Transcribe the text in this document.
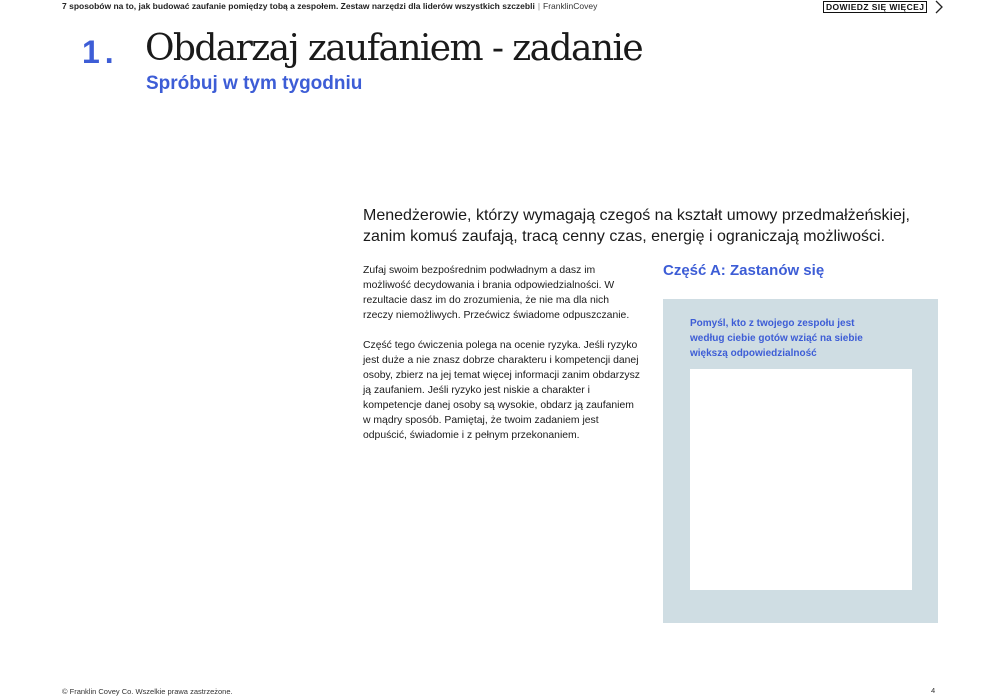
7 sposobów na to, jak budować zaufanie pomiędzy tobą a zespołem. Zestaw narzędzi dla liderów wszystkich szczebli | FranklinCovey	DOWIEDZ SIĘ WIĘCEJ
1. Obdarzaj zaufaniem - zadanie
Spróbuj w tym tygodniu
Menedżerowie, którzy wymagają czegoś na kształt umowy przedmałżeńskiej, zanim komuś zaufają, tracą cenny czas, energię i ograniczają możliwości.

Zufaj swoim bezpośrednim podwładnym a dasz im możliwość decydowania i brania odpowiedzialności. W rezultacie dasz im do zrozumienia, że nie ma dla nich rzeczy niemożliwych. Przećwicz świadome odpuszczanie.

Część tego ćwiczenia polega na ocenie ryzyka. Jeśli ryzyko jest duże a nie znasz dobrze charakteru i kompetencji danej osoby, zbierz na jej temat więcej informacji zanim obdarzysz ją zaufaniem. Jeśli ryzyko jest niskie a charakter i kompetencje danej osoby są wysokie, obdarz ją zaufaniem w mądry sposób. Pamiętaj, że twoim zadaniem jest odpuścić, świadomie i z pełnym przekonaniem.

Część A: Zastanów się
Pomyśl, kto z twojego zespołu jest według ciebie gotów wziąć na siebie większą odpowiedzialność
© Franklin Covey Co. Wszelkie prawa zastrzeżone.	4
